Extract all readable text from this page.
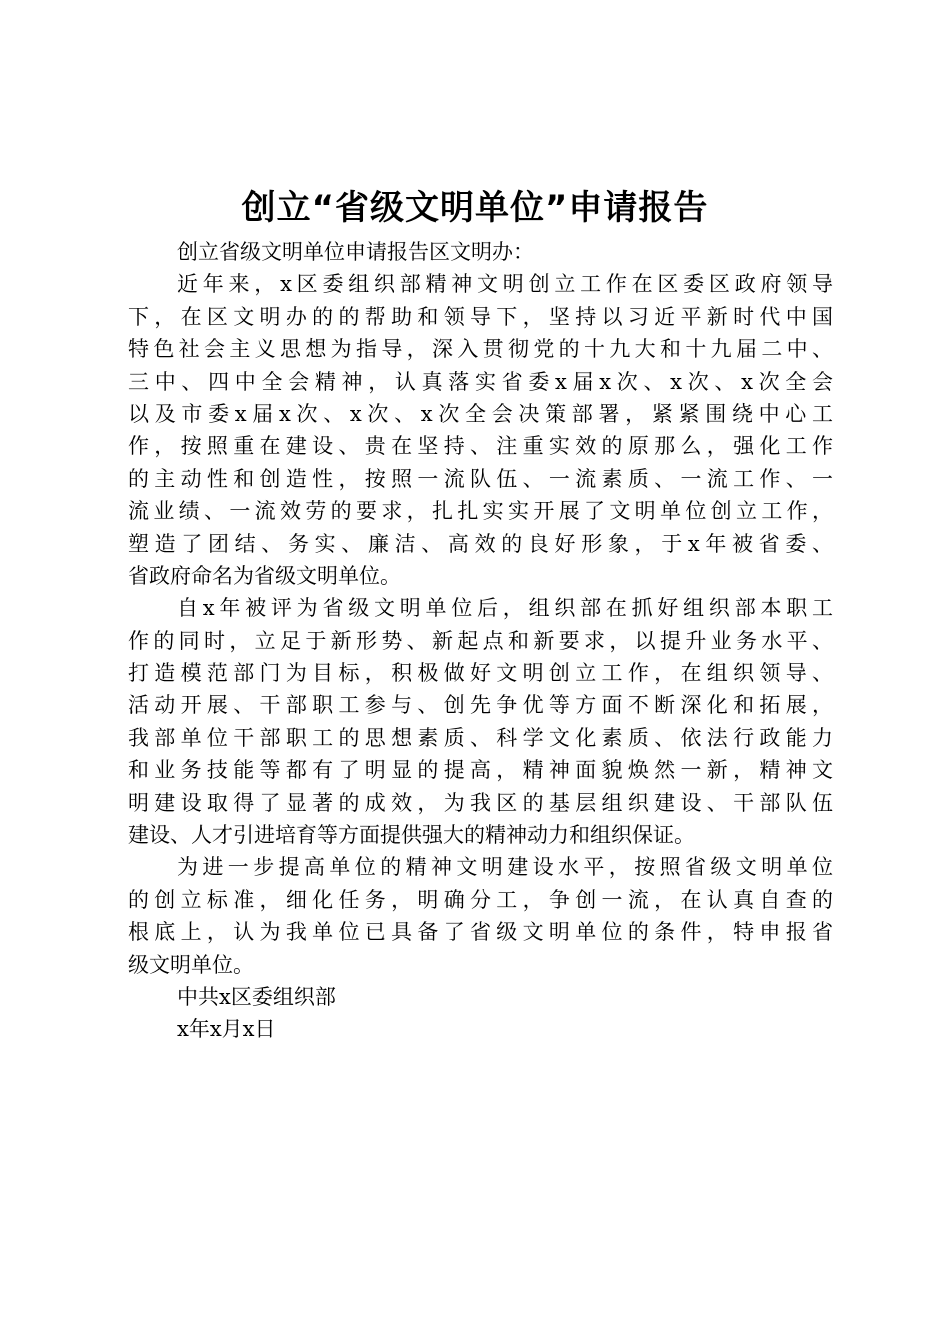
创立“省级文明单位”申请报告
创立省级文明单位申请报告区文明办：
近年来，x区委组织部精神文明创立工作在区委区政府领导
下，在区文明办的的帮助和领导下，坚持以习近平新时代中国
特色社会主义思想为指导，深入贯彻党的十九大和十九届二中、
三中、四中全会精神，认真落实省委x届x次、x次、x次全会
以及市委x届x次、x次、x次全会决策部署，紧紧围绕中心工
作，按照重在建设、贵在坚持、注重实效的原那么，强化工作
的主动性和创造性，按照一流队伍、一流素质、一流工作、一
流业绩、一流效劳的要求，扎扎实实开展了文明单位创立工作，
塑造了团结、务实、廉洁、高效的良好形象，于x年被省委、
省政府命名为省级文明单位。
自x年被评为省级文明单位后，组织部在抓好组织部本职工
作的同时，立足于新形势、新起点和新要求，以提升业务水平、
打造模范部门为目标，积极做好文明创立工作，在组织领导、
活动开展、干部职工参与、创先争优等方面不断深化和拓展，
我部单位干部职工的思想素质、科学文化素质、依法行政能力
和业务技能等都有了明显的提高，精神面貌焕然一新，精神文
明建设取得了显著的成效，为我区的基层组织建设、干部队伍
建设、人才引进培育等方面提供强大的精神动力和组织保证。
为进一步提高单位的精神文明建设水平，按照省级文明单位
的创立标准，细化任务，明确分工，争创一流，在认真自查的
根底上，认为我单位已具备了省级文明单位的条件，特申报省
级文明单位。
中共x区委组织部
x年x月x日
